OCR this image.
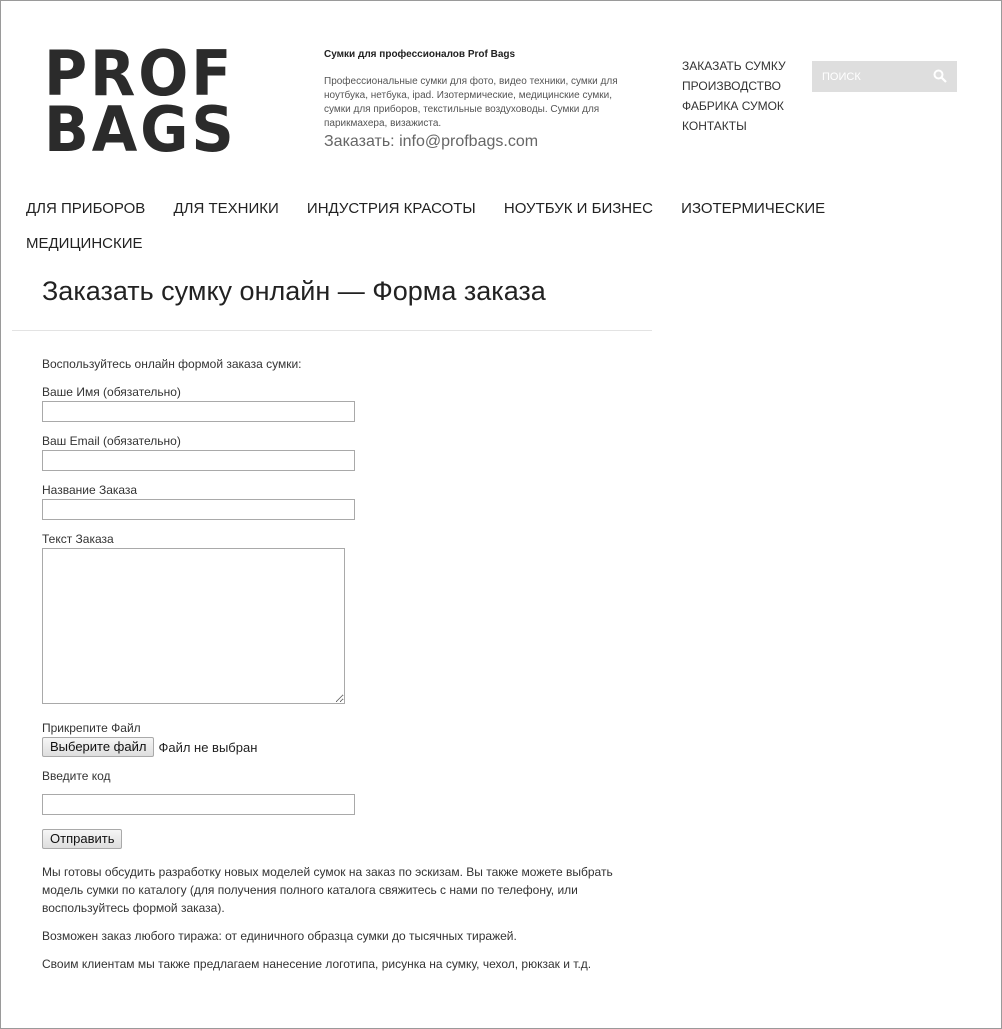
PROF
BAGS
Сумки для профессионалов Prof Bags
Профессиональные сумки для фото, видео техники, сумки для ноутбука, нетбука, ipad. Изотермические, медицинские сумки, сумки для приборов, текстильные воздуховоды. Сумки для парикмахера, визажиста.
Заказать: info@profbags.com
ЗАКАЗАТЬ СУМКУ
ПРОИЗВОДСТВО
ФАБРИКА СУМОК
КОНТАКТЫ
ПОИСК
ДЛЯ ПРИБОРОВ ДЛЯ ТЕХНИКИ ИНДУСТРИЯ КРАСОТЫ НОУТБУК И БИЗНЕС ИЗОТЕРМИЧЕСКИЕ
МЕДИЦИНСКИЕ
Заказать сумку онлайн — Форма заказа

Воспользуйтесь онлайн формой заказа сумки:

Ваше Имя (обязательно)
Ваш Email (обязательно)
Название Заказа
Текст Заказа
Прикрепите Файл
Выберите файл Файл не выбран
Введите код
Отправить

Мы готовы обсудить разработку новых моделей сумок на заказ по эскизам. Вы также можете выбрать модель сумки по каталогу (для получения полного каталога свяжитесь с нами по телефону, или воспользуйтесь формой заказа).

Возможен заказ любого тиража: от единичного образца сумки до тысячных тиражей.

Своим клиентам мы также предлагаем нанесение логотипа, рисунка на сумку, чехол, рюкзак и т.д.
